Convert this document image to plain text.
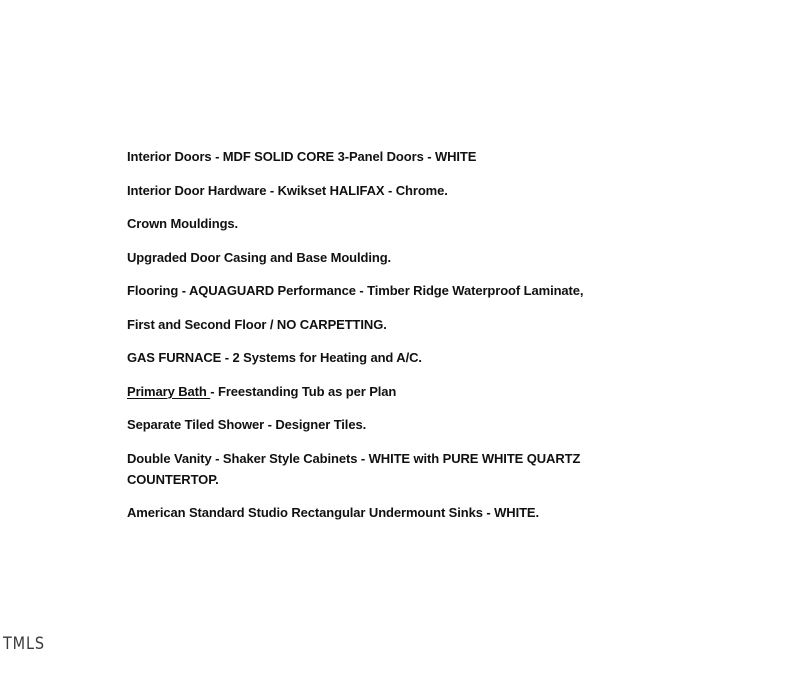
Interior Doors - MDF SOLID CORE 3-Panel Doors - WHITE
Interior Door Hardware - Kwikset HALIFAX - Chrome.
Crown Mouldings.
Upgraded Door Casing and Base Moulding.
Flooring - AQUAGUARD Performance - Timber Ridge Waterproof Laminate,
First and Second Floor / NO CARPETTING.
GAS FURNACE - 2 Systems for Heating and A/C.
Primary Bath - Freestanding Tub as per Plan
Separate Tiled Shower - Designer Tiles.
Double Vanity - Shaker Style Cabinets - WHITE with PURE WHITE QUARTZ COUNTERTOP.
American Standard Studio Rectangular Undermount Sinks - WHITE.
TMLS
